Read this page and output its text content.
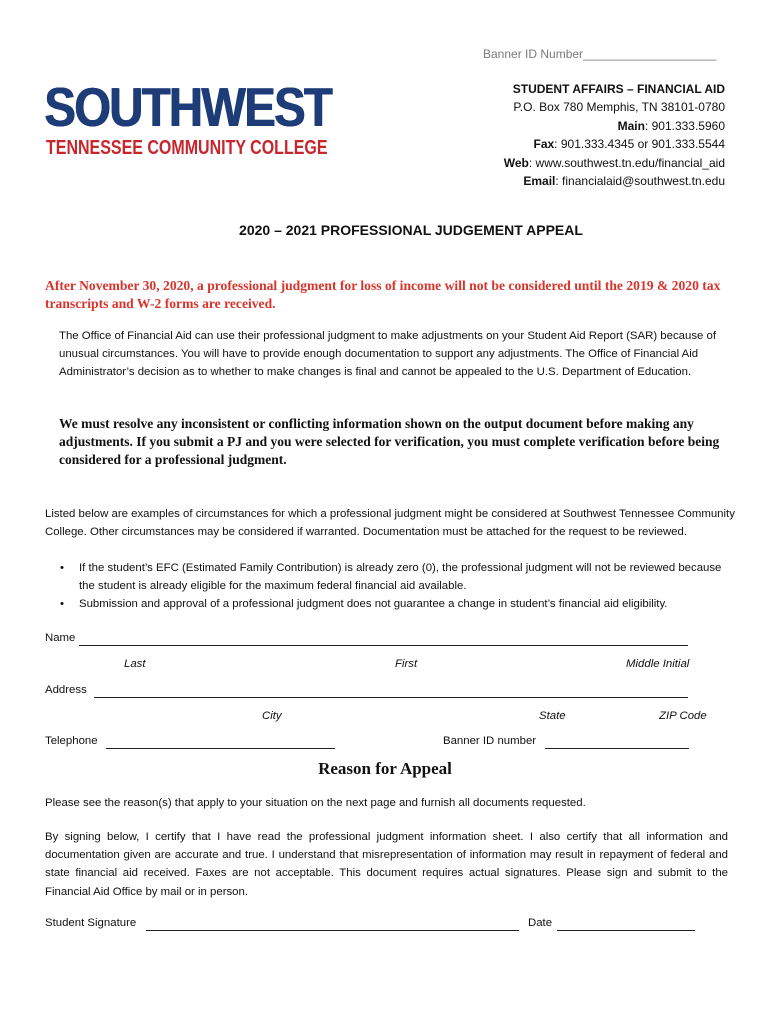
Banner ID Number____________________
SOUTHWEST
TENNESSEE COMMUNITY COLLEGE
STUDENT AFFAIRS – FINANCIAL AID
P.O. Box 780 Memphis, TN 38101-0780
Main: 901.333.5960
Fax: 901.333.4345 or 901.333.5544
Web: www.southwest.tn.edu/financial_aid
Email: financialaid@southwest.tn.edu
2020 – 2021 PROFESSIONAL JUDGEMENT APPEAL
After November 30, 2020, a professional judgment for loss of income will not be considered until the 2019 & 2020 tax transcripts and W-2 forms are received.
The Office of Financial Aid can use their professional judgment to make adjustments on your Student Aid Report (SAR) because of unusual circumstances. You will have to provide enough documentation to support any adjustments. The Office of Financial Aid Administrator’s decision as to whether to make changes is final and cannot be appealed to the U.S. Department of Education.
We must resolve any inconsistent or conflicting information shown on the output document before making any adjustments. If you submit a PJ and you were selected for verification, you must complete verification before being considered for a professional judgment.
Listed below are examples of circumstances for which a professional judgment might be considered at Southwest Tennessee Community College. Other circumstances may be considered if warranted. Documentation must be attached for the request to be reviewed.
•	If the student’s EFC (Estimated Family Contribution) is already zero (0), the professional judgment will not be reviewed because the student is already eligible for the maximum federal financial aid available.
•	Submission and approval of a professional judgment does not guarantee a change in student’s financial aid eligibility.
Name
Last	First	Middle Initial
Address
City	State	ZIP Code
Telephone	Banner ID number
Reason for Appeal
Please see the reason(s) that apply to your situation on the next page and furnish all documents requested.
By signing below, I certify that I have read the professional judgment information sheet. I also certify that all information and documentation given are accurate and true. I understand that misrepresentation of information may result in repayment of federal and state financial aid received. Faxes are not acceptable. This document requires actual signatures. Please sign and submit to the Financial Aid Office by mail or in person.
Student Signature	Date
